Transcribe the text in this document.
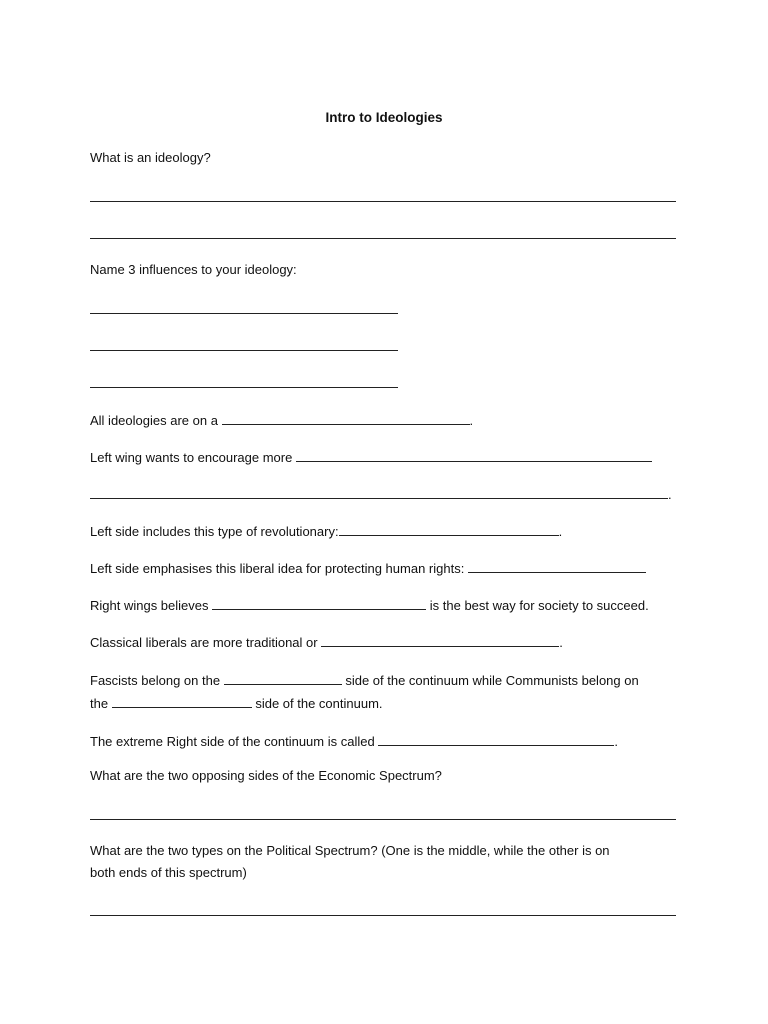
Intro to Ideologies
What is an ideology?
Name 3 influences to your ideology:
All ideologies are on a	.
Left wing wants to encourage more
.
Left side includes this type of revolutionary:	.
Left side emphasises this liberal idea for protecting human rights:
Right wings believes	is the best way for society to succeed.
Classical liberals are more traditional or	.
Fascists belong on the	side of the continuum while Communists belong on
the	side of the continuum.
The extreme Right side of the continuum is called	.
What are the two opposing sides of the Economic Spectrum?
What are the two types on the Political Spectrum? (One is the middle, while the other is on
both ends of this spectrum)
